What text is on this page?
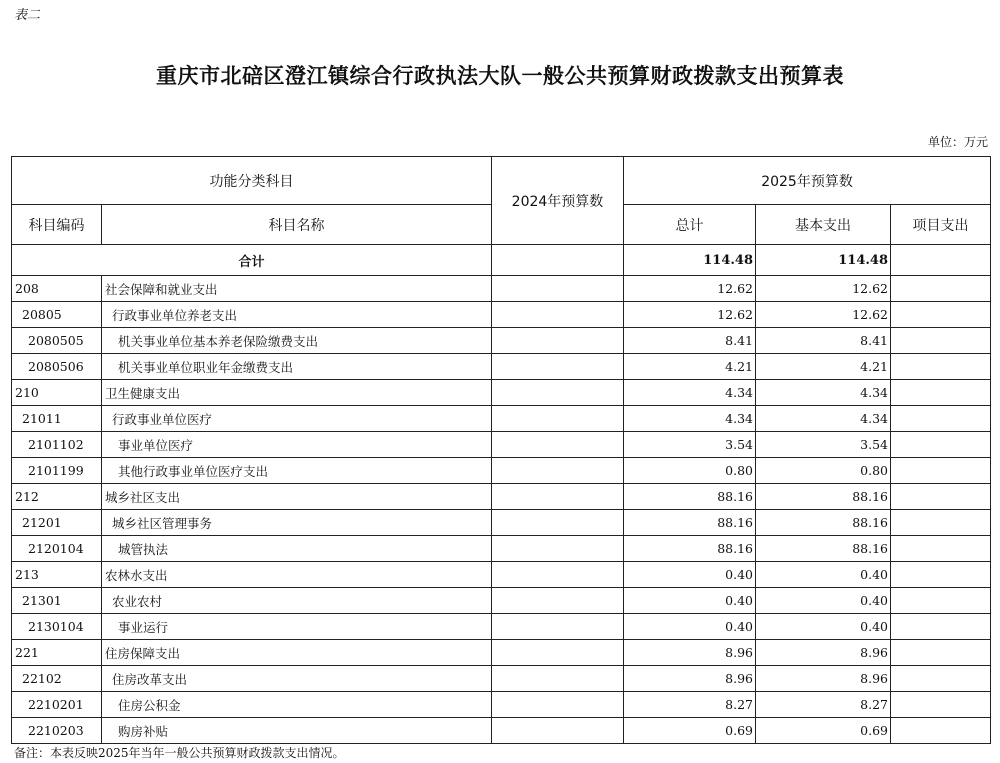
表二
重庆市北碚区澄江镇综合行政执法大队一般公共预算财政拨款支出预算表
单位：万元
功能分类科目		2024年预算数	2025年预算数		
科目编码	科目名称		总计	基本支出	项目支出
合计			114.48	114.48	
208	社会保障和就业支出		12.62	12.62	
20805	行政事业单位养老支出		12.62	12.62	
2080505	机关事业单位基本养老保险缴费支出		8.41	8.41	
2080506	机关事业单位职业年金缴费支出		4.21	4.21	
210	卫生健康支出		4.34	4.34	
21011	行政事业单位医疗		4.34	4.34	
2101102	事业单位医疗		3.54	3.54	
2101199	其他行政事业单位医疗支出		0.80	0.80	
212	城乡社区支出		88.16	88.16	
21201	城乡社区管理事务		88.16	88.16	
2120104	城管执法		88.16	88.16	
213	农林水支出		0.40	0.40	
21301	农业农村		0.40	0.40	
2130104	事业运行		0.40	0.40	
221	住房保障支出		8.96	8.96	
22102	住房改革支出		8.96	8.96	
2210201	住房公积金		8.27	8.27	
2210203	购房补贴		0.69	0.69	
备注：本表反映2025年当年一般公共预算财政拨款支出情况。
